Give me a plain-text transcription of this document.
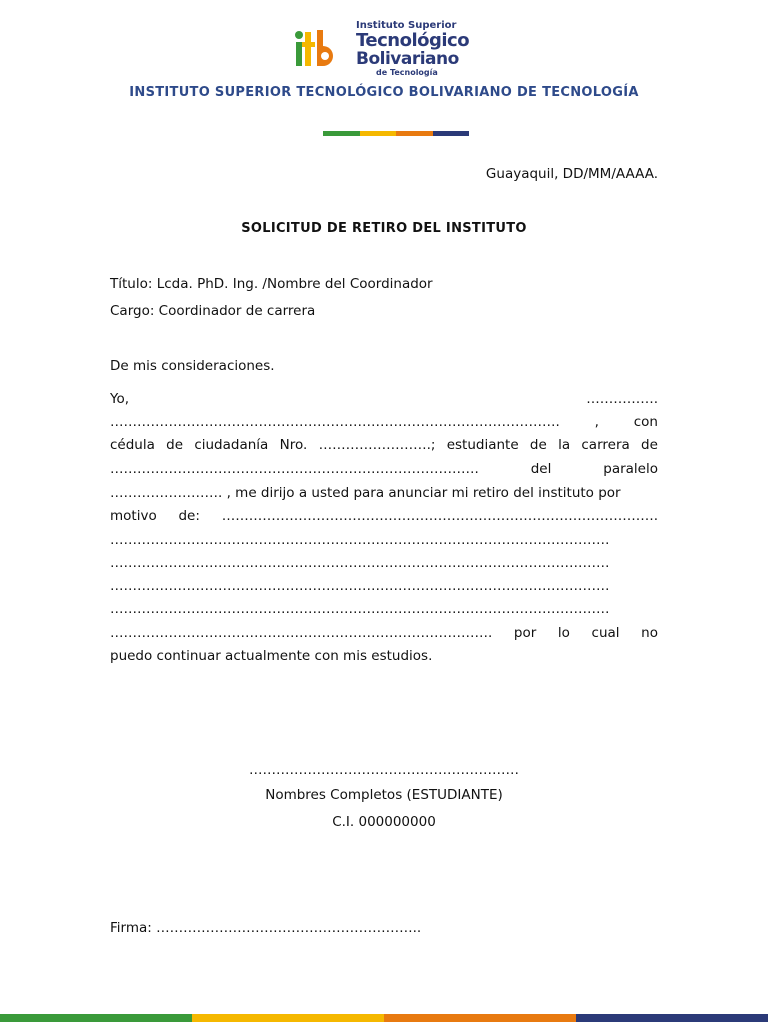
Instituto Superior
Tecnológico
Bolivariano
de Tecnología
INSTITUTO SUPERIOR TECNOLÓGICO BOLIVARIANO DE TECNOLOGÍA
Guayaquil, DD/MM/AAAA.
SOLICITUD DE RETIRO DEL INSTITUTO
Título: Lcda. PhD. Ing. /Nombre del Coordinador
Cargo: Coordinador de carrera
De mis consideraciones.
Yo,	…………….
……………………………………………………………………………………….	,	con
cédula de ciudadanía Nro. …………………….; estudiante de la carrera de
……………………………………………………………………….	del	paralelo
……………………. , me dirijo a usted para anunciar mi retiro del instituto por
motivo de: …………………………………………………………………………………….
…………………………………………………………………………………………………
…………………………………………………………………………………………………
…………………………………………………………………………………………………
…………………………………………………………………………………………………
…………………………………………………………………………. por lo cual no
puedo continuar actualmente con mis estudios.
……………………………………………………
Nombres Completos (ESTUDIANTE)
C.I. 000000000
Firma: …………………………………………………..
